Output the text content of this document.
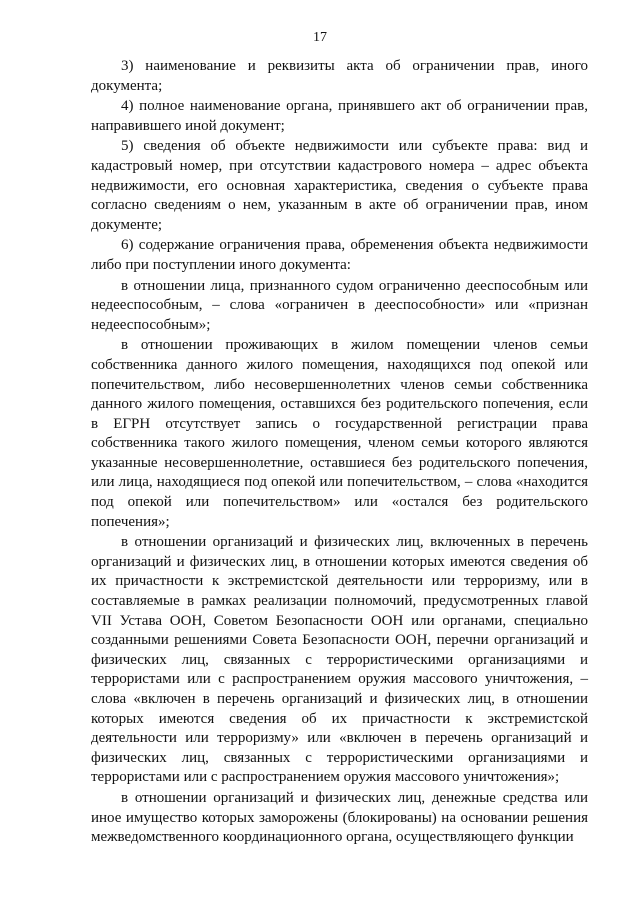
17

3) наименование и реквизиты акта об ограничении прав, иного документа;

4) полное наименование органа, принявшего акт об ограничении прав, направившего иной документ;

5) сведения об объекте недвижимости или субъекте права: вид и кадастровый номер, при отсутствии кадастрового номера – адрес объекта недвижимости, его основная характеристика, сведения о субъекте права согласно сведениям о нем, указанным в акте об ограничении прав, ином документе;

6) содержание ограничения права, обременения объекта недвижимости либо при поступлении иного документа:

в отношении лица, признанного судом ограниченно дееспособным или недееспособным, – слова «ограничен в дееспособности» или «признан недееспособным»;

в отношении проживающих в жилом помещении членов семьи собственника данного жилого помещения, находящихся под опекой или попечительством, либо несовершеннолетних членов семьи собственника данного жилого помещения, оставшихся без родительского попечения, если в ЕГРН отсутствует запись о государственной регистрации права собственника такого жилого помещения, членом семьи которого являются указанные несовершеннолетние, оставшиеся без родительского попечения, или лица, находящиеся под опекой или попечительством, – слова «находится под опекой или попечительством» или «остался без родительского попечения»;

в отношении организаций и физических лиц, включенных в перечень организаций и физических лиц, в отношении которых имеются сведения об их причастности к экстремистской деятельности или терроризму, или в составляемые в рамках реализации полномочий, предусмотренных главой VII Устава ООН, Советом Безопасности ООН или органами, специально созданными решениями Совета Безопасности ООН, перечни организаций и физических лиц, связанных с террористическими организациями и террористами или с распространением оружия массового уничтожения, – слова «включен в перечень организаций и физических лиц, в отношении которых имеются сведения об их причастности к экстремистской деятельности или терроризму» или «включен в перечень организаций и физических лиц, связанных с террористическими организациями и террористами или с распространением оружия массового уничтожения»;

в отношении организаций и физических лиц, денежные средства или иное имущество которых заморожены (блокированы) на основании решения межведомственного координационного органа, осуществляющего функции
